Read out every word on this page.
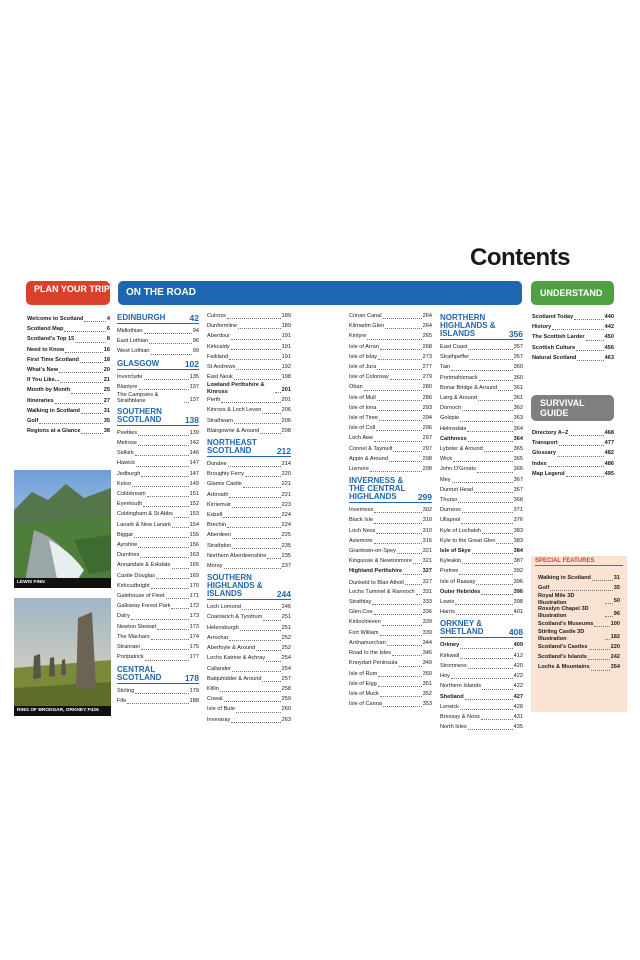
Contents
PLAN YOUR TRIP	ON THE ROAD	UNDERSTAND
SURVIVAL GUIDE
Welcome to Scotland	4
Scotland Map	6
Scotland's Top 15	8
Need to Know	16
First Time Scotland	18
What's New	20
If You Like...	21
Month by Month	25
Itineraries	27
Walking in Scotland	31
Golf	35
Regions at a Glance	38
LEWIS FINN
RING OF BRODGAR, ORKNEY P426
EDINBURGH	42
Midlothian	94
East Lothian	96
West Lothian	99
GLASGOW	102
Inverclyde	135
Blantyre	137
The Campsies & Strathblane	137
SOUTHERN SCOTLAND	138
Peebles	139
Melrose	142
Selkirk	146
Hawick	147
Jedburgh	147
Kelso	149
Coldstream	151
Eyemouth	152
Coldingham & St Abbs	153
Lanark & New Lanark	154
Biggar	155
Ayrshire	156
Dumfries	163
Annandale & Eskdale	165
Castle Douglas	169
Kirkcudbright	170
Gatehouse of Fleet	171
Galloway Forest Park	172
Dalry	173
Newton Stewart	173
The Machars	174
Stranraer	175
Portpatrick	177
CENTRAL SCOTLAND	178
Stirling	179
Fife	188
Culross	189
Dunfermline	189
Aberdour	191
Kirkcaldy	191
Falkland	191
St Andrews	192
East Neuk	198
Lowland Perthshire & Kinross	201
Perth	201
Kinross & Loch Leven	206
Strathearn	206
Blairgowrie & Around	208
NORTHEAST SCOTLAND	212
Dundee	214
Broughty Ferry	220
Glamis Castle	221
Arbroath	221
Kirriemuir	223
Edzell	224
Brechin	224
Aberdeen	225
Strathdon	235
Northern Aberdeenshire	235
Moray	237
SOUTHERN HIGHLANDS & ISLANDS	244
Loch Lomond	246
Crianlarich & Tyndrum	251
Helensburgh	251
Arrochar	252
Aberfoyle & Around	252
Lochs Katrine & Achray	254
Callander	254
Balquhidder & Around	257
Killin	258
Cowal	259
Isle of Bute	260
Inveraray	263
Crinan Canal	264
Kilmartin Glen	264
Kintyre	265
Isle of Arran	268
Isle of Islay	273
Isle of Jura	277
Isle of Colonsay	279
Oban	280
Isle of Mull	286
Isle of Iona	293
Isle of Tiree	294
Isle of Coll	296
Loch Awe	297
Connel & Taynuilt	297
Appin & Around	298
Lismore	298
INVERNESS & THE CENTRAL HIGHLANDS	299
Inverness	302
Black Isle	310
Loch Ness	310
Aviemore	316
Grantown-on-Spey	321
Kingussie & Newtonmore 321
Highland Perthshire	327
Dunkeld to Blair Atholl	327
Lochs Tummel & Rannoch 331
Strathtay	333
Glen Coe	336
Kinlochleven	339
Fort William	339
Ardnamurchan	344
Road to the Isles	346
Knoydart Peninsula	349
Isle of Rum	350
Isle of Eigg	351
Isle of Muck	352
Isle of Canna	353
NORTHERN HIGHLANDS & ISLANDS	356
East Coast	357
Strathpeffer	357
Tain	360
Portmahomack	360
Bonar Bridge & Around	361
Lairg & Around	361
Dornoch	362
Golspie	363
Helmsdale	364
Caithness	364
Lybster & Around	365
Wick	365
John O'Groats	366
Mey	367
Dunnet Head	367
Thurso	368
Durness	371
Ullapool	376
Kyle of Lochalsh	383
Kyle to the Great Glen	383
Isle of Skye	384
Kyleakin	387
Portree	392
Isle of Raasay	396
Outer Hebrides	396
Lewis	398
Harris	401
ORKNEY & SHETLAND	408
Orkney	409
Kirkwall	412
Stromness	420
Hoy	422
Northern Islands	422
Shetland	427
Lerwick	428
Bressay & Noss	431
North Isles	435
Scotland Today	440
History	442
The Scottish Larder	450
Scottish Culture	456
Natural Scotland	463
Directory A–Z	468
Transport	477
Glossary	482
Index	486
Map Legend	495
SPECIAL FEATURES
Walking in Scotland	31
Golf	35
Royal Mile 3D Illustration	50
Rosslyn Chapel 3D Illustration	96
Scotland's Museums	100
Stirling Castle 3D Illustration	182
Scotland's Castles	220
Scotland's Islands	242
Lochs & Mountains	354
